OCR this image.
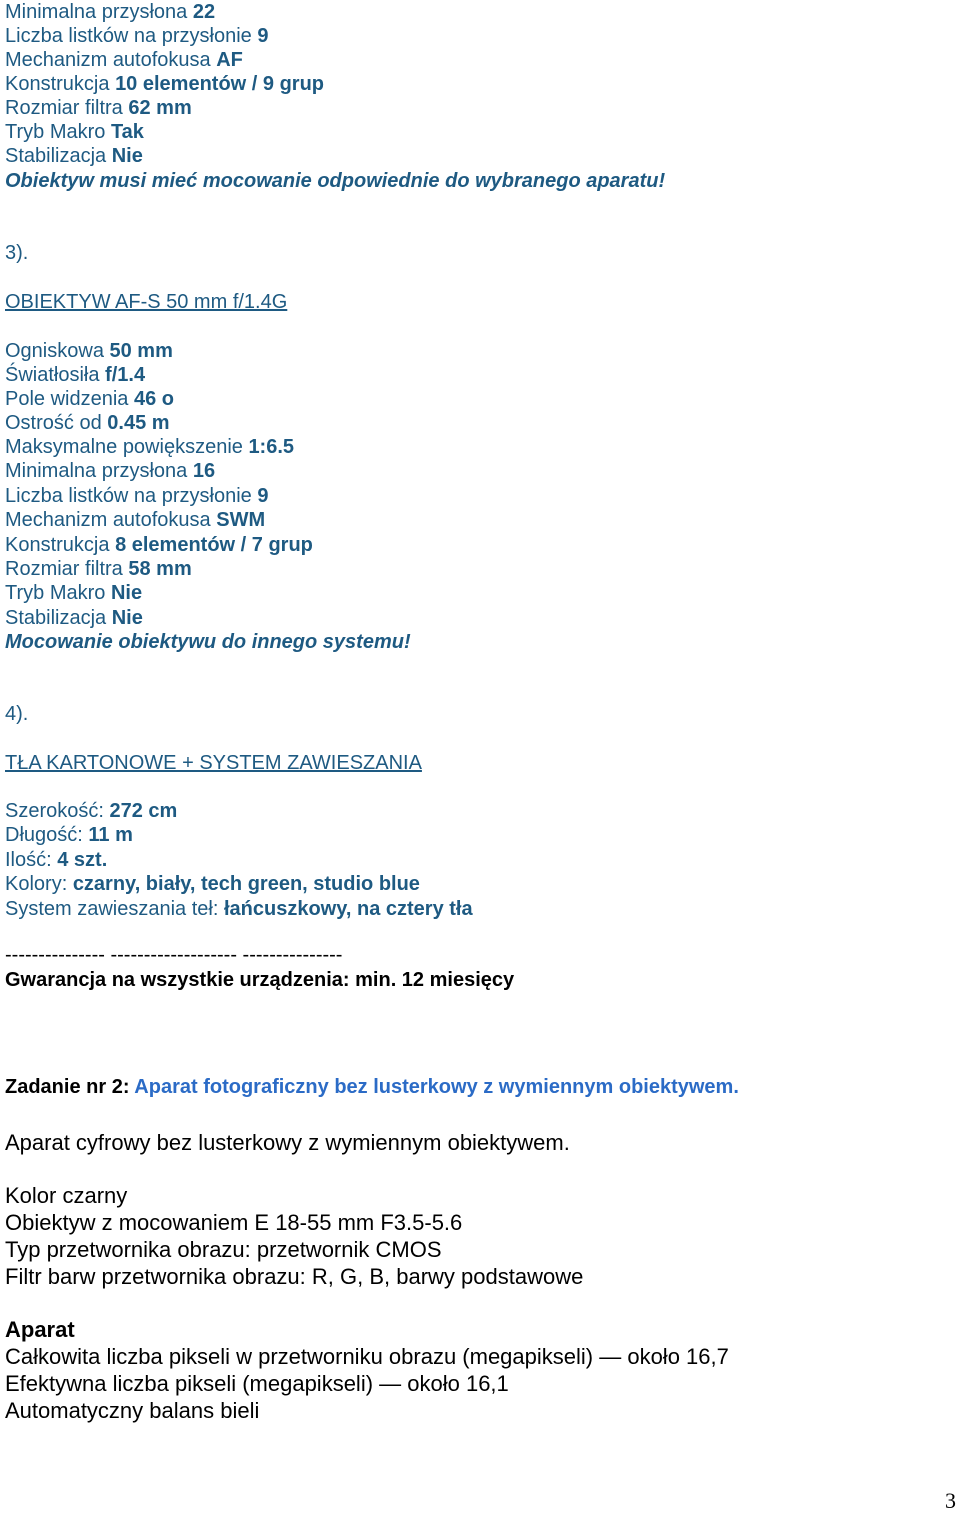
Minimalna przysłona 22
Liczba listków na przysłonie 9
Mechanizm autofokusa AF
Konstrukcja 10 elementów / 9 grup
Rozmiar filtra 62 mm
Tryb Makro Tak
Stabilizacja Nie
Obiektyw musi mieć mocowanie odpowiednie do wybranego aparatu!
3).
OBIEKTYW AF-S 50 mm f/1.4G
Ogniskowa 50 mm
Światłosiła f/1.4
Pole widzenia 46 o
Ostrość od 0.45 m
Maksymalne powiększenie 1:6.5
Minimalna przysłona 16
Liczba listków na przysłonie 9
Mechanizm autofokusa SWM
Konstrukcja 8 elementów / 7 grup
Rozmiar filtra 58 mm
Tryb Makro Nie
Stabilizacja Nie
Mocowanie obiektywu do innego systemu!
4).
TŁA KARTONOWE + SYSTEM ZAWIESZANIA
Szerokość: 272 cm
Długość: 11 m
Ilość: 4 szt.
Kolory: czarny, biały, tech green, studio blue
System zawieszania teł: łańcuszkowy, na cztery tła
--------------- ------------------- ---------------
Gwarancja na wszystkie urządzenia: min. 12 miesięcy
Zadanie nr 2: Aparat fotograficzny bez lusterkowy z wymiennym obiektywem.
Aparat cyfrowy bez lusterkowy z wymiennym obiektywem.
Kolor czarny
Obiektyw z mocowaniem E 18-55 mm F3.5-5.6
Typ przetwornika obrazu: przetwornik CMOS
Filtr barw przetwornika obrazu: R, G, B, barwy podstawowe
Aparat
Całkowita liczba pikseli w przetworniku obrazu (megapikseli) — około 16,7
Efektywna liczba pikseli (megapikseli) — około 16,1
Automatyczny balans bieli
3
